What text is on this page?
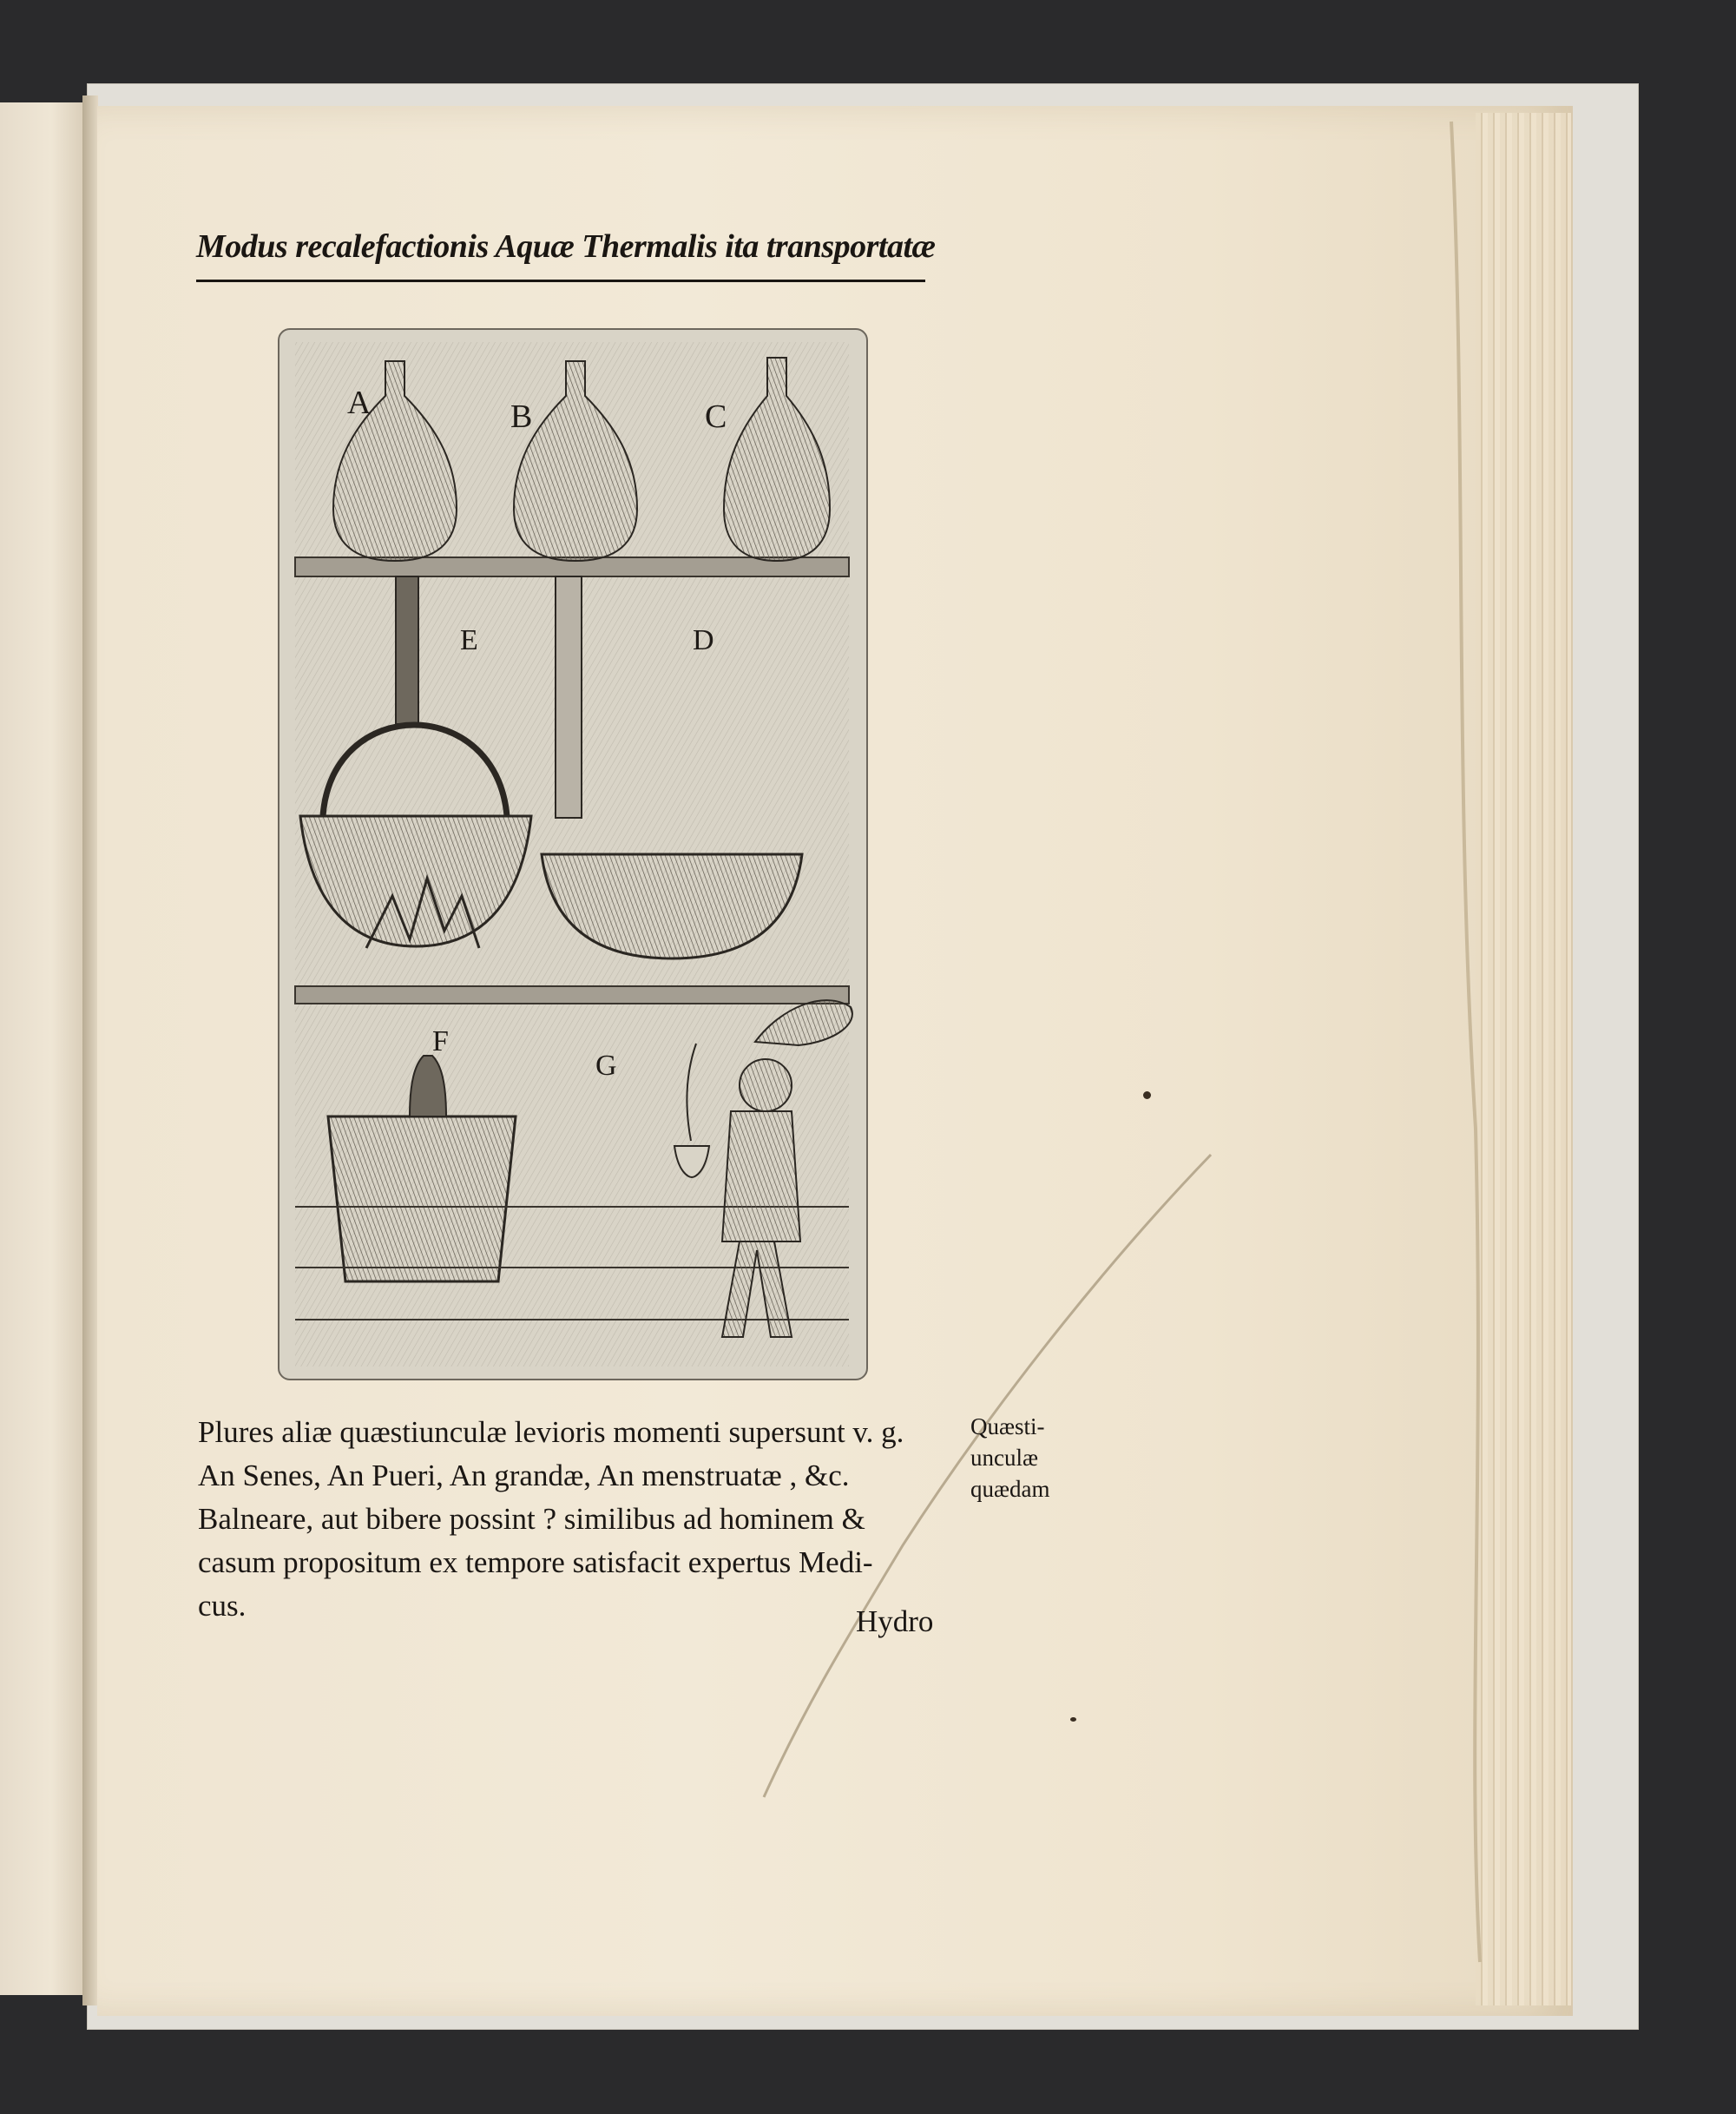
Modus recalefactionis Aquæ Thermalis ita transportatæ
A	B	C
E	D
F
G
Plures aliæ quæstiunculæ levioris momenti supersunt v. g.
An Senes, An Pueri, An grandæ, An menstruatæ , &c.
Balneare, aut bibere possint ? similibus ad hominem &
casum propositum ex tempore satisfacit expertus Medi-
cus.
Quæsti-
unculæ
quædam
Hydro
